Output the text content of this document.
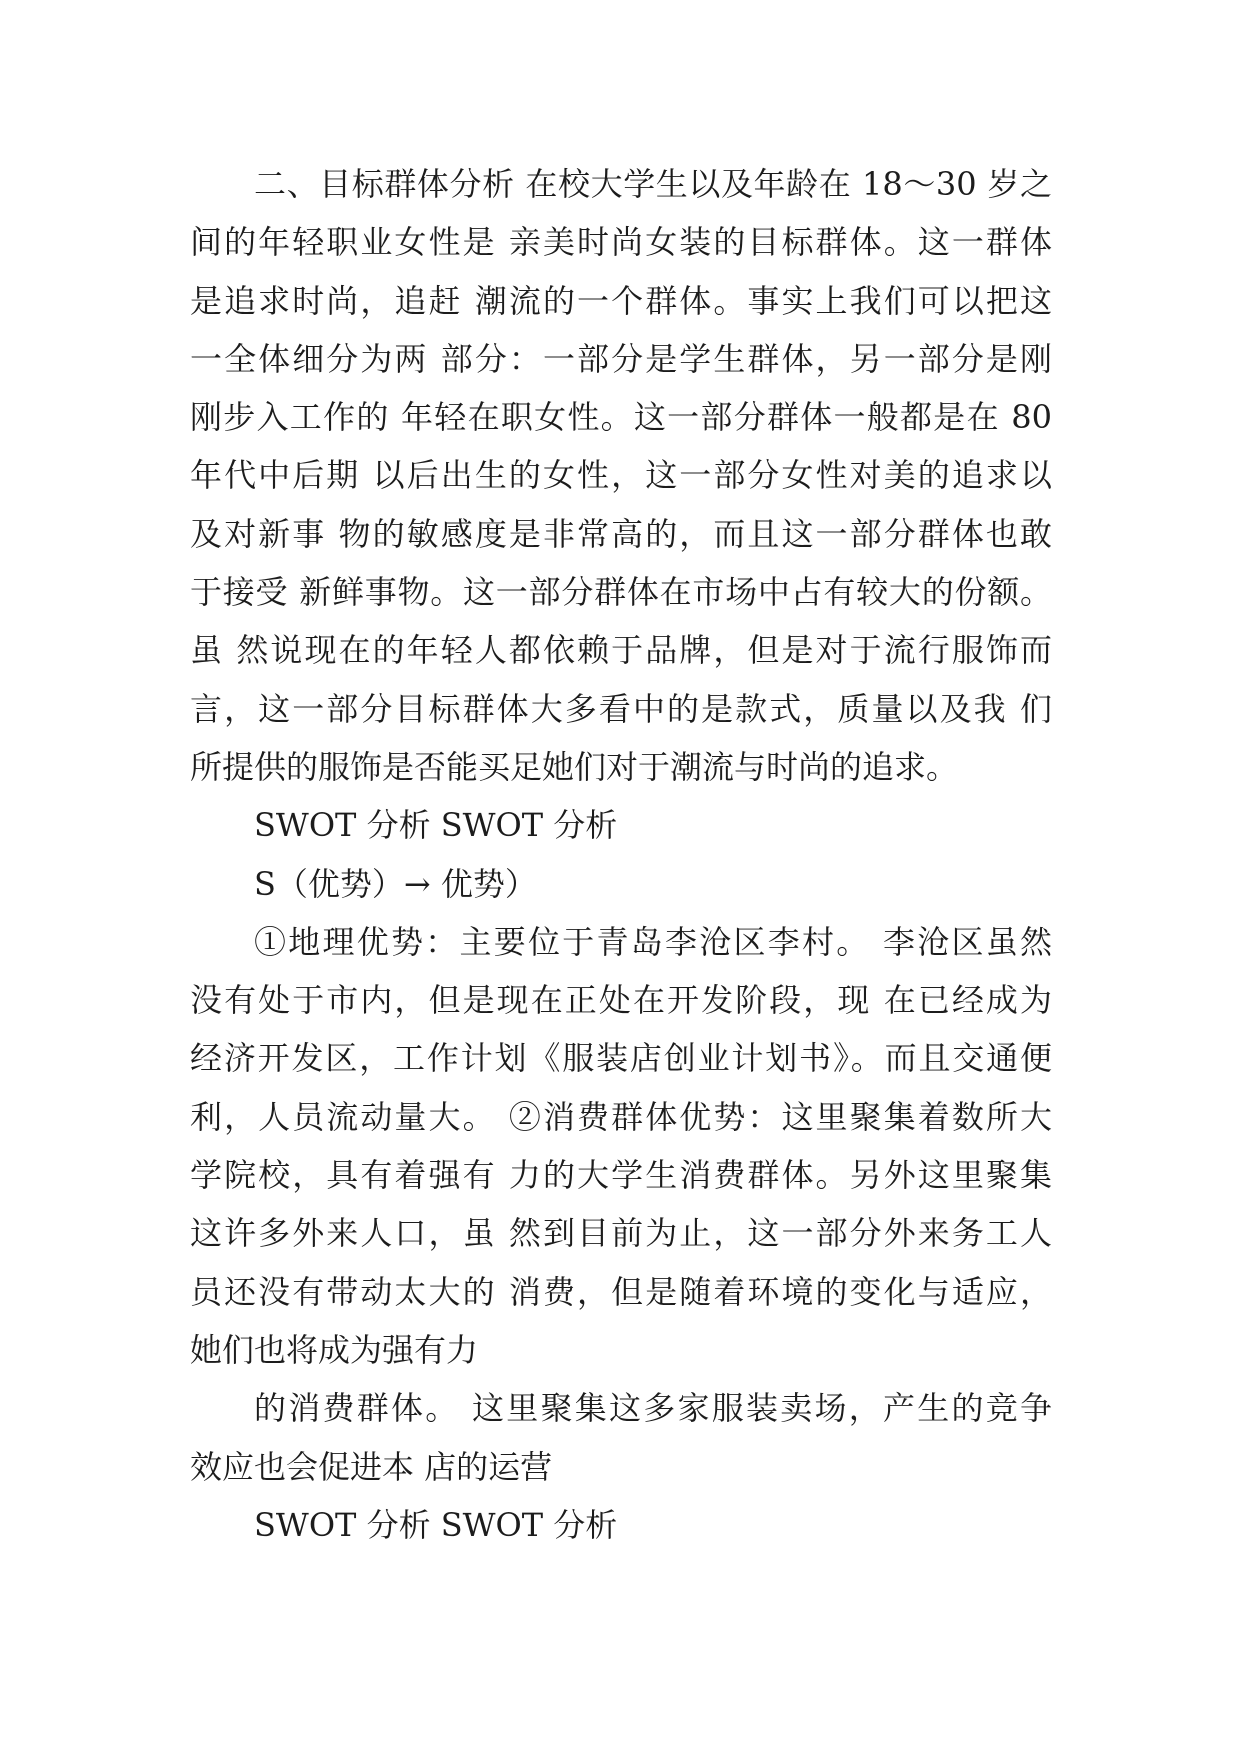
二、目标群体分析 在校大学生以及年龄在 18～30 岁之
间的年轻职业女性是 亲美时尚女装的目标群体。这一群体
是追求时尚，追赶 潮流的一个群体。事实上我们可以把这
一全体细分为两 部分：一部分是学生群体，另一部分是刚
刚步入工作的 年轻在职女性。这一部分群体一般都是在 80
年代中后期 以后出生的女性，这一部分女性对美的追求以
及对新事 物的敏感度是非常高的，而且这一部分群体也敢
于接受 新鲜事物。这一部分群体在市场中占有较大的份额。
虽 然说现在的年轻人都依赖于品牌，但是对于流行服饰而
言，这一部分目标群体大多看中的是款式，质量以及我 们
所提供的服饰是否能买足她们对于潮流与时尚的追求。
SWOT 分析 SWOT 分析
S（优势）→ 优势）
①地理优势：主要位于青岛李沧区李村。 李沧区虽然
没有处于市内，但是现在正处在开发阶段，现 在已经成为
经济开发区，工作计划《服装店创业计划书》。而且交通便
利，人员流动量大。 ②消费群体优势：这里聚集着数所大
学院校，具有着强有 力的大学生消费群体。另外这里聚集
这许多外来人口，虽 然到目前为止，这一部分外来务工人
员还没有带动太大的 消费，但是随着环境的变化与适应，
她们也将成为强有力
的消费群体。 这里聚集这多家服装卖场，产生的竞争
效应也会促进本 店的运营
SWOT 分析 SWOT 分析
